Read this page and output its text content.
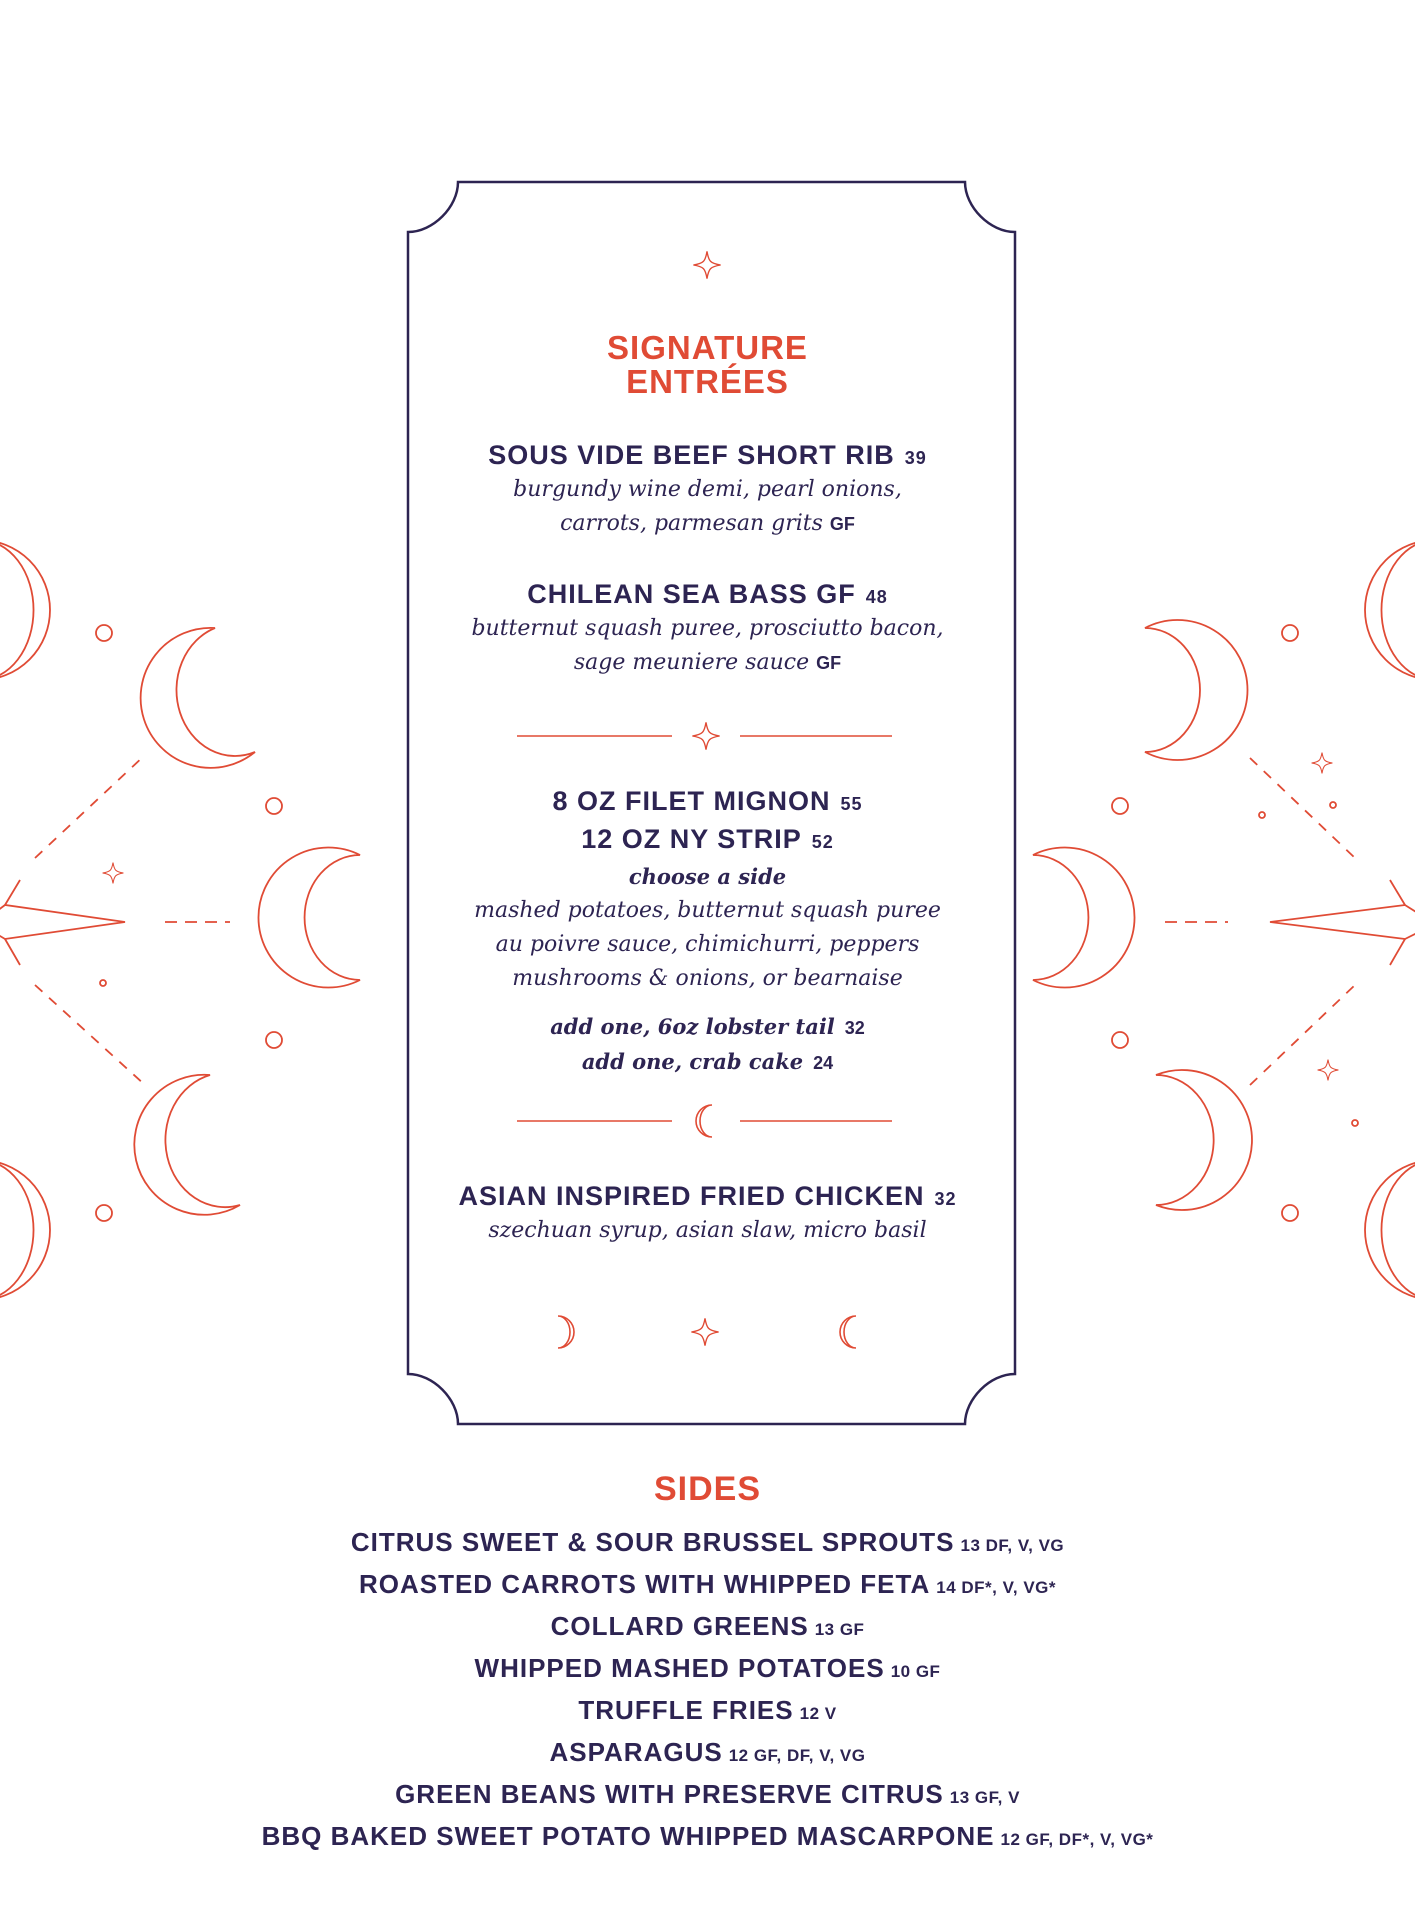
SIGNATURE
ENTRÉES
SOUS VIDE BEEF SHORT RIB 39
burgundy wine demi, pearl onions,
carrots, parmesan grits GF
CHILEAN SEA BASS GF 48
butternut squash puree, prosciutto bacon,
sage meuniere sauce GF
8 OZ FILET MIGNON 55
12 OZ NY STRIP 52
choose a side
mashed potatoes, butternut squash puree
au poivre sauce, chimichurri, peppers
mushrooms & onions, or bearnaise
add one, 6oz lobster tail 32
add one, crab cake 24
ASIAN INSPIRED FRIED CHICKEN 32
szechuan syrup, asian slaw, micro basil
SIDES
CITRUS SWEET & SOUR BRUSSEL SPROUTS 13 DF, V, VG
ROASTED CARROTS WITH WHIPPED FETA 14 DF*, V, VG*
COLLARD GREENS 13 GF
WHIPPED MASHED POTATOES 10 GF
TRUFFLE FRIES 12 V
ASPARAGUS 12 GF, DF, V, VG
GREEN BEANS WITH PRESERVE CITRUS 13 GF, V
BBQ BAKED SWEET POTATO WHIPPED MASCARPONE 12 GF, DF*, V, VG*
